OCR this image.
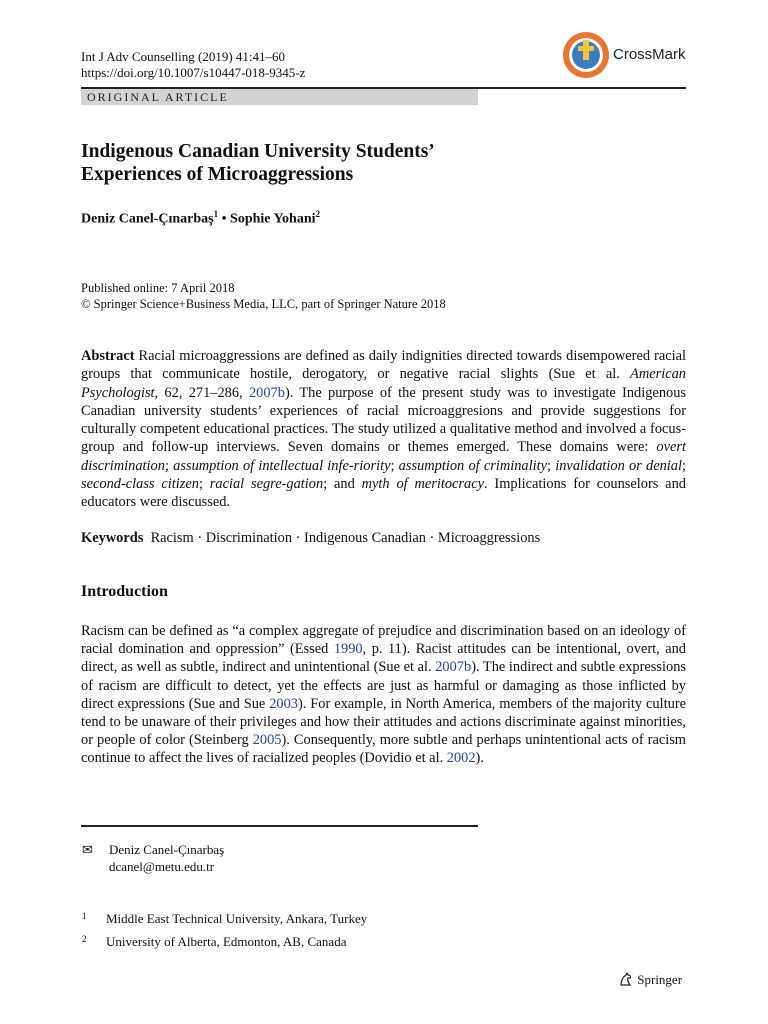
Int J Adv Counselling (2019) 41:41–60
https://doi.org/10.1007/s10447-018-9345-z
CrossMark
ORIGINAL ARTICLE
Indigenous Canadian University Students’
Experiences of Microaggressions
Deniz Canel-Çınarbaş$^1$ • Sophie Yohani$^2$
Published online: 7 April 2018
© Springer Science+Business Media, LLC, part of Springer Nature 2018
Abstract Racial microaggressions are defined as daily indignities directed towards disempowered racial groups that communicate hostile, derogatory, or negative racial slights (Sue et al. American Psychologist, 62, 271–286, 2007b). The purpose of the present study was to investigate Indigenous Canadian university students’ experiences of racial microaggresions and provide suggestions for culturally competent educational practices. The study utilized a qualitative method and involved a focus-group and follow-up interviews. Seven domains or themes emerged. These domains were: overt discrimination; assumption of intellectual infe-riority; assumption of criminality; invalidation or denial; second-class citizen; racial segre-gation; and myth of meritocracy. Implications for counselors and educators were discussed.
Keywords Racism · Discrimination · Indigenous Canadian · Microaggressions
Introduction
Racism can be defined as “a complex aggregate of prejudice and discrimination based on an ideology of racial domination and oppression” (Essed 1990, p. 11). Racist attitudes can be intentional, overt, and direct, as well as subtle, indirect and unintentional (Sue et al. 2007b). The indirect and subtle expressions of racism are difficult to detect, yet the effects are just as harmful or damaging as those inflicted by direct expressions (Sue and Sue 2003). For example, in North America, members of the majority culture tend to be unaware of their privileges and how their attitudes and actions discriminate against minorities, or people of color (Steinberg 2005). Consequently, more subtle and perhaps unintentional acts of racism continue to affect the lives of racialized peoples (Dovidio et al. 2002).
✉ Deniz Canel-Çınarbaş
dcanel@metu.edu.tr
1 Middle East Technical University, Ankara, Turkey
2 University of Alberta, Edmonton, AB, Canada
Springer
